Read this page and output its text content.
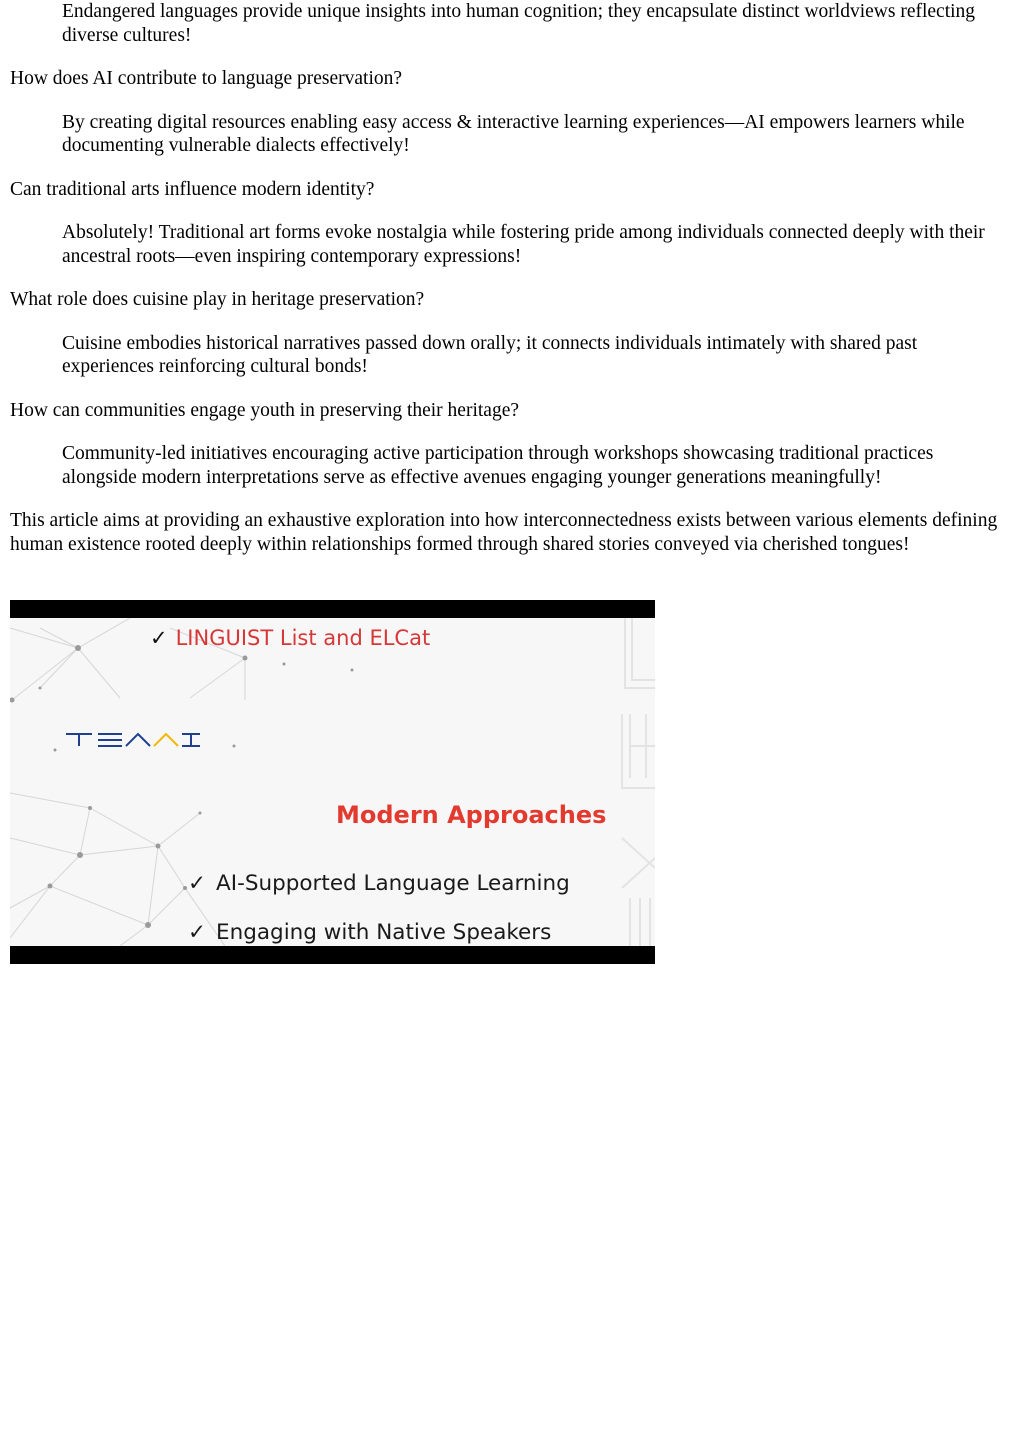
Endangered languages provide unique insights into human cognition; they encapsulate distinct worldviews reflecting diverse cultures!

How does AI contribute to language preservation?

By creating digital resources enabling easy access & interactive learning experiences—AI empowers learners while documenting vulnerable dialects effectively!

Can traditional arts influence modern identity?

Absolutely! Traditional art forms evoke nostalgia while fostering pride among individuals connected deeply with their ancestral roots—even inspiring contemporary expressions!

What role does cuisine play in heritage preservation?

Cuisine embodies historical narratives passed down orally; it connects individuals intimately with shared past experiences reinforcing cultural bonds!

How can communities engage youth in preserving their heritage?

Community-led initiatives encouraging active participation through workshops showcasing traditional practices alongside modern interpretations serve as effective avenues engaging younger generations meaningfully!

This article aims at providing an exhaustive exploration into how interconnectedness exists between various elements defining human existence rooted deeply within relationships formed through shared stories conveyed via cherished tongues!

✓ LINGUIST List and ELCat
Modern Approaches
✓ AI-Supported Language Learning
✓ Engaging with Native Speakers
